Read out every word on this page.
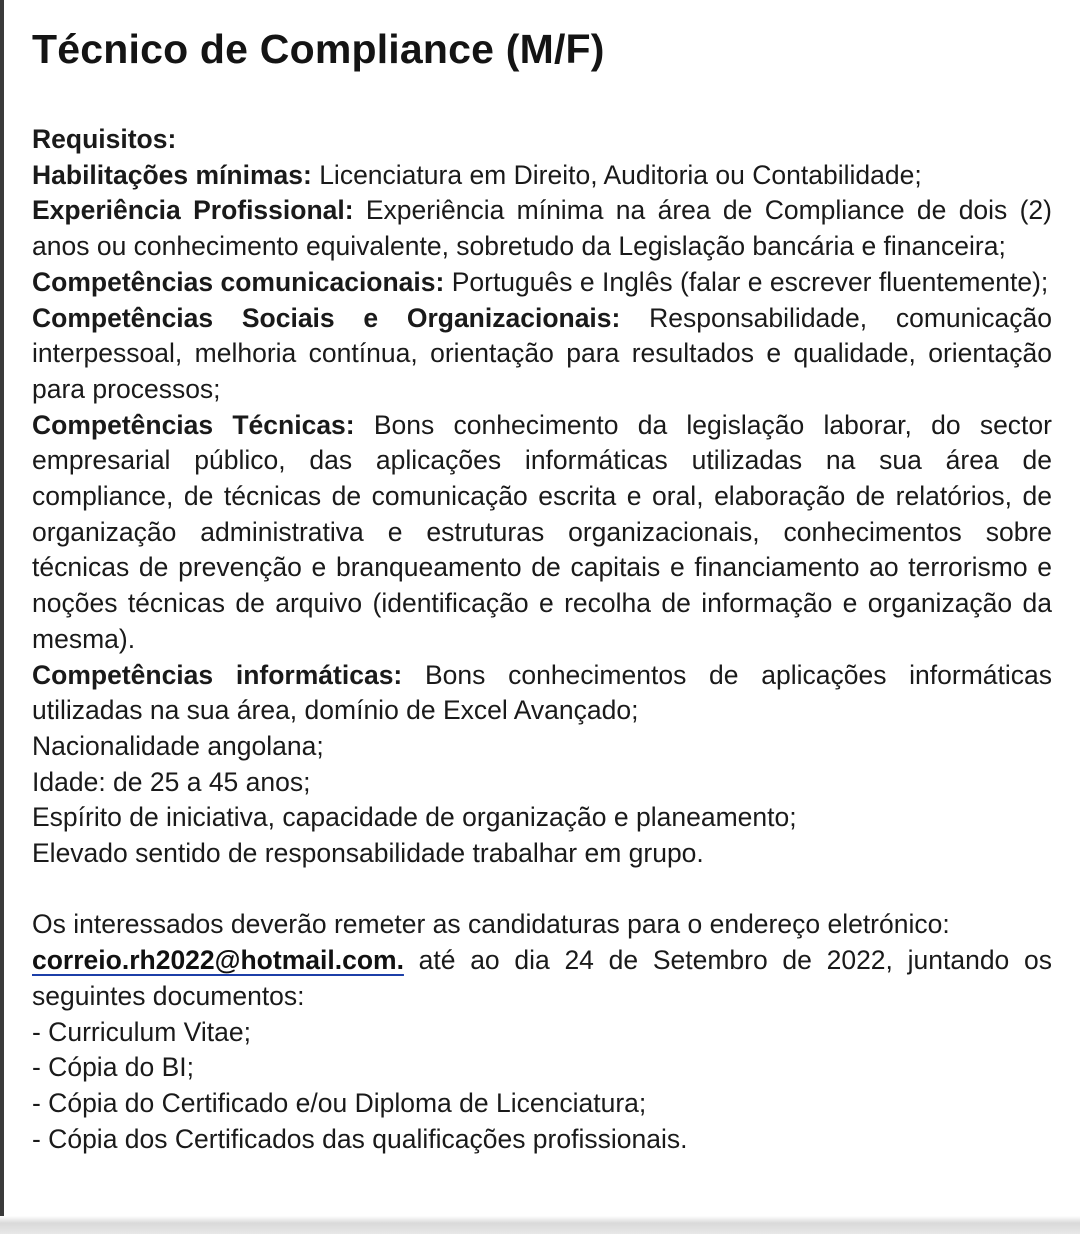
Técnico de Compliance (M/F)

Requisitos:

Habilitações mínimas: Licenciatura em Direito, Auditoria ou Contabilidade;

Experiência Profissional: Experiência mínima na área de Compliance de dois (2) anos ou conhecimento equivalente, sobretudo da Legislação bancária e financeira;

Competências comunicacionais: Português e Inglês (falar e escrever fluentemente);

Competências Sociais e Organizacionais: Responsabilidade, comunicação interpessoal, melhoria contínua, orientação para resultados e qualidade, orientação para processos;

Competências Técnicas: Bons conhecimento da legislação laborar, do sector empresarial público, das aplicações informáticas utilizadas na sua área de compliance, de técnicas de comunicação escrita e oral, elaboração de relatórios, de organização administrativa e estruturas organizacionais, conhecimentos sobre técnicas de prevenção e branqueamento de capitais e financiamento ao terrorismo e noções técnicas de arquivo (identificação e recolha de informação e organização da mesma).

Competências informáticas: Bons conhecimentos de aplicações informáticas utilizadas na sua área, domínio de Excel Avançado;

Nacionalidade angolana;

Idade: de 25 a 45 anos;

Espírito de iniciativa, capacidade de organização e planeamento;

Elevado sentido de responsabilidade trabalhar em grupo.

Os interessados deverão remeter as candidaturas para o endereço eletrónico:

correio.rh2022@hotmail.com. até ao dia 24 de Setembro de 2022, juntando os seguintes documentos:

- Curriculum Vitae;

- Cópia do BI;

- Cópia do Certificado e/ou Diploma de Licenciatura;

- Cópia dos Certificados das qualificações profissionais.
